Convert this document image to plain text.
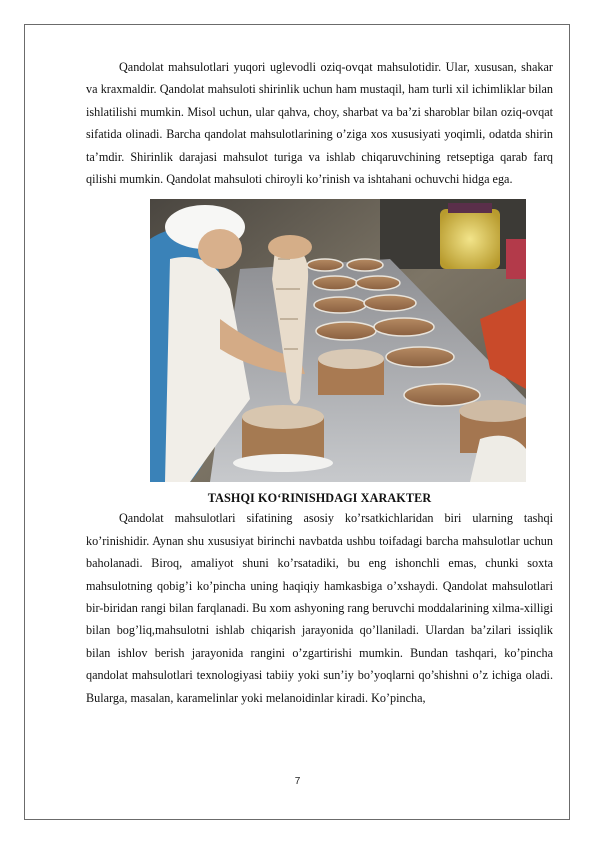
Qandolat mahsulotlari yuqori uglevodli oziq-ovqat mahsulotidir. Ular, xususan, shakar va kraxmaldir. Qandolat mahsuloti shirinlik uchun ham mustaqil, ham turli xil ichimliklar bilan ishlatilishi mumkin. Misol uchun, ular qahva, choy, sharbat va ba’zi sharoblar bilan oziq-ovqat sifatida olinadi. Barcha qandolat mahsulotlarining o’ziga xos xususiyati yoqimli, odatda shirin ta’mdir. Shirinlik darajasi mahsulot turiga va ishlab chiqaruvchining retseptiga qarab farq qilishi mumkin. Qandolat mahsuloti chiroyli ko’rinish va ishtahani ochuvchi hidga ega.

TASHQI KOʻRINISHDAGI XARAKTER

Qandolat mahsulotlari sifatining asosiy ko’rsatkichlaridan biri ularning tashqi ko’rinishidir. Aynan shu xususiyat birinchi navbatda ushbu toifadagi barcha mahsulotlar uchun baholanadi. Biroq, amaliyot shuni ko’rsatadiki, bu eng ishonchli emas, chunki soxta mahsulotning qobig’i ko’pincha uning haqiqiy hamkasbiga o’xshaydi. Qandolat mahsulotlari bir-biridan rangi bilan farqlanadi. Bu xom ashyoning rang beruvchi moddalarining xilma-xilligi bilan bog’liq,mahsulotni ishlab chiqarish jarayonida qo’llaniladi. Ulardan ba’zilari issiqlik bilan ishlov berish jarayonida rangini o’zgartirishi mumkin. Bundan tashqari, ko’pincha qandolat mahsulotlari texnologiyasi tabiiy yoki sun’iy bo’yoqlarni qo’shishni o’z ichiga oladi. Bularga, masalan, karamelinlar yoki melanoidinlar kiradi. Ko’pincha,

7
